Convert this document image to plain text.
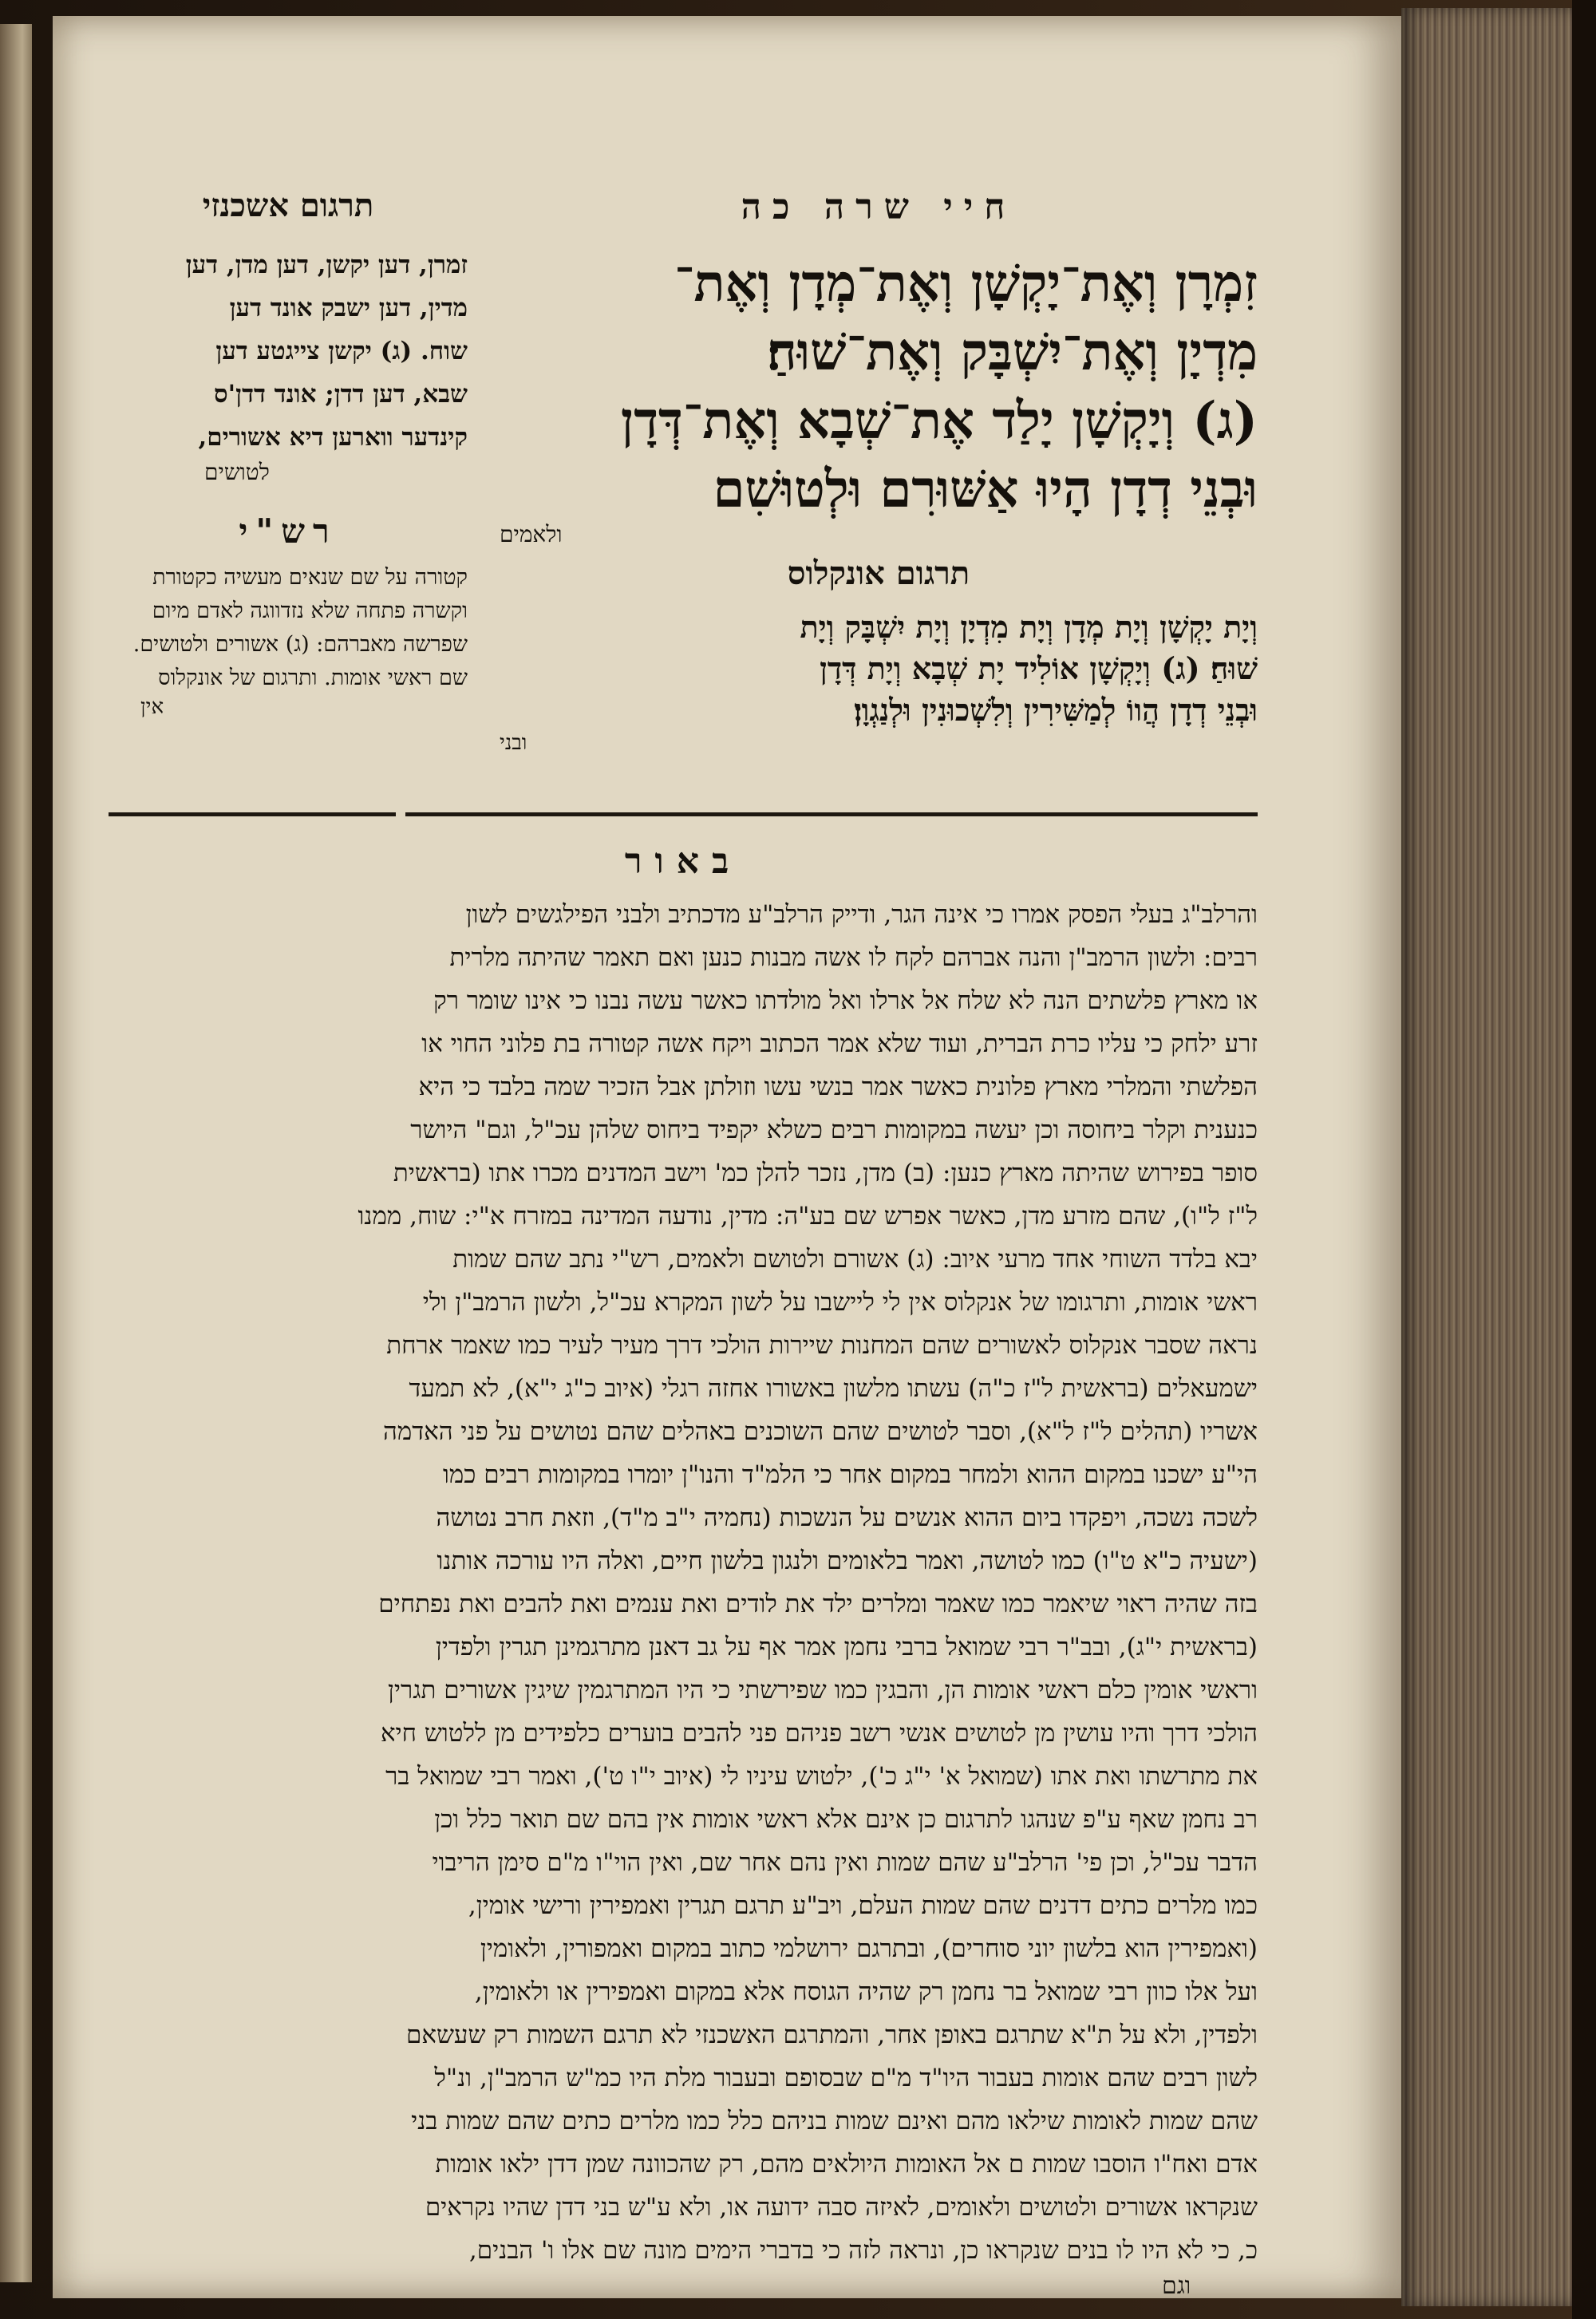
חיי שרה כה
זִמְרָן וְאֶת־יָקְשָׁן וְאֶת־מְדָן וְאֶת־
מִדְיָן וְאֶת־יִשְׁבָּק וְאֶת־שׁוּחַ׃
(ג) וְיָקְשָׁן יָלַד אֶת־שְׁבָא וְאֶת־דְּדָן
וּבְנֵי דְדָן הָיוּ אַשּׁוּרִם וּלְטוּשִׁם
ולאמים
תרגום אונקלוס
וְיָת יָקְשָׁן וְיָת מְדָן וְיָת מִדְיָן וְיָת יִשְׁבָּק וְיָת
שׁוּחַ׃ (ג) וְיָקְשָׁן אוֹלִיד יָת שְׁבָא וְיָת דְּדָן
וּבְנֵי דְדָן הֲווֹ לְמַשִּׁירִין וְלִשְׁכוּנִין וּלְנַגְוָן׃
ובני
תרגום אשכנזי
זמרן, דען יקשן, דען מדן, דען
מדין, דען ישבק אונד דען
שוח. (ג) יקשן צייגטע דען
שבא, דען דדן; אונד דדן'ס
קינדער ווארען דיא אשורים,
לטושים
רש"י
קטורה על שם שנאים מעשיה כקטורת
וקשרה פתחה שלא נזדווגה לאדם מיום
שפרשה מאברהם: (ג) אשורים ולטושים.
שם ראשי אומות. ותרגום של אונקלוס
אין
באור
והרלב"ג בעלי הפסק אמרו כי אינה הגר, ודייק הרלב"ע מדכתיב ולבני הפילגשים לשון
רבים: ולשון הרמב"ן והנה אברהם לקח לו אשה מבנות כנען ואם תאמר שהיתה מלרית
או מארץ פלשתים הנה לא שלח אל ארלו ואל מולדתו כאשר עשה נבנו כי אינו שומר רק
זרע ילחק כי עליו כרת הברית, ועוד שלא אמר הכתוב ויקח אשה קטורה בת פלוני החוי או
הפלשתי והמלרי מארץ פלונית כאשר אמר בנשי עשו וזולתן אבל הזכיר שמה בלבד כי היא
כנענית וקלר ביחוסה וכן יעשה במקומות רבים כשלא יקפיד ביחוס שלהן עכ"ל, וגם" היושר
סופר בפירוש שהיתה מארץ כנען: (ב) מדן, נזכר להלן כמ' וישב המדנים מכרו אתו (בראשית
ל"ז ל"ו), שהם מזרע מדן, כאשר אפרש שם בע"ה: מדין, נודעה המדינה במזרח א"י: שוח, ממנו
יבא בלדד השוחי אחד מרעי איוב: (ג) אשורם ולטושם ולאמים, רש"י נתב שהם שמות
ראשי אומות, ותרגומו של אנקלוס אין לי ליישבו על לשון המקרא עכ"ל, ולשון הרמב"ן ולי
נראה שסבר אנקלוס לאשורים שהם המחנות שיירות הולכי דרך מעיר לעיר כמו שאמר ארחת
ישמעאלים (בראשית ל"ז כ"ה) עשתו מלשון באשורו אחזה רגלי (איוב כ"ג י"א), לא תמעד
אשריו (תהלים ל"ז ל"א), וסבר לטושים שהם השוכנים באהלים שהם נטושים על פני האדמה
הי"ע ישכנו במקום ההוא ולמחר במקום אחר כי הלמ"ד והנו"ן יומרו במקומות רבים כמו
לשכה נשכה, ויפקדו ביום ההוא אנשים על הנשכות (נחמיה י"ב מ"ד), וזאת חרב נטושה
(ישעיה כ"א ט"ו) כמו לטושה, ואמר בלאומים ולנגון בלשון חיים, ואלה היו עורכה אותנו
בזה שהיה ראוי שיאמר כמו שאמר ומלרים ילד את לודים ואת ענמים ואת להבים ואת נפתחים
(בראשית י"ג), ובב"ר רבי שמואל ברבי נחמן אמר אף על גב דאנן מתרגמינן תגרין ולפדין
וראשי אומין כלם ראשי אומות הן, והבגין כמו שפירשתי כי היו המתרגמין שיגין אשורים תגרין
הולכי דרך והיו עושין מן לטושים אנשי רשב פניהם פני להבים בוערים כלפידים מן ללטוש חיא
את מתרשתו ואת אתו (שמואל א' י"ג כ'), ילטוש עיניו לי (איוב י"ו ט'), ואמר רבי שמואל בר
רב נחמן שאף ע"פ שנהגו לתרגום כן אינם אלא ראשי אומות אין בהם שם תואר כלל וכן
הדבר עכ"ל, וכן פי' הרלב"ע שהם שמות ואין נהם אחר שם, ואין הוי"ו מ"ם סימן הריבוי
כמו מלרים כתים דדנים שהם שמות העלם, ויב"ע תרגם תגרין ואמפירין ורישי אומין,
(ואמפירין הוא בלשון יוני סוחרים), ובתרגם ירושלמי כתוב במקום ואמפורין, ולאומין
ועל אלו כוון רבי שמואל בר נחמן רק שהיה הגוסח אלא במקום ואמפירין או ולאומין,
ולפדין, ולא על ת"א שתרגם באופן אחר, והמתרגם האשכנזי לא תרגם השמות רק שעשאם
לשון רבים שהם אומות בעבור היו"ד מ"ם שבסופם ובעבור מלת היו כמ"ש הרמב"ן, ונ"ל
שהם שמות לאומות שילאו מהם ואינם שמות בניהם כלל כמו מלרים כתים שהם שמות בני
אדם ואח"ו הוסבו שמות ם אל האומות היולאים מהם, רק שהכוונה שמן דדן ילאו אומות
שנקראו אשורים ולטושים ולאומים, לאיזה סבה ידועה או, ולא ע"ש בני דדן שהיו נקראים
כ, כי לא היו לו בנים שנקראו כן, ונראה לזה כי בדברי הימים מונה שם אלו ו' הבנים,
וגם
